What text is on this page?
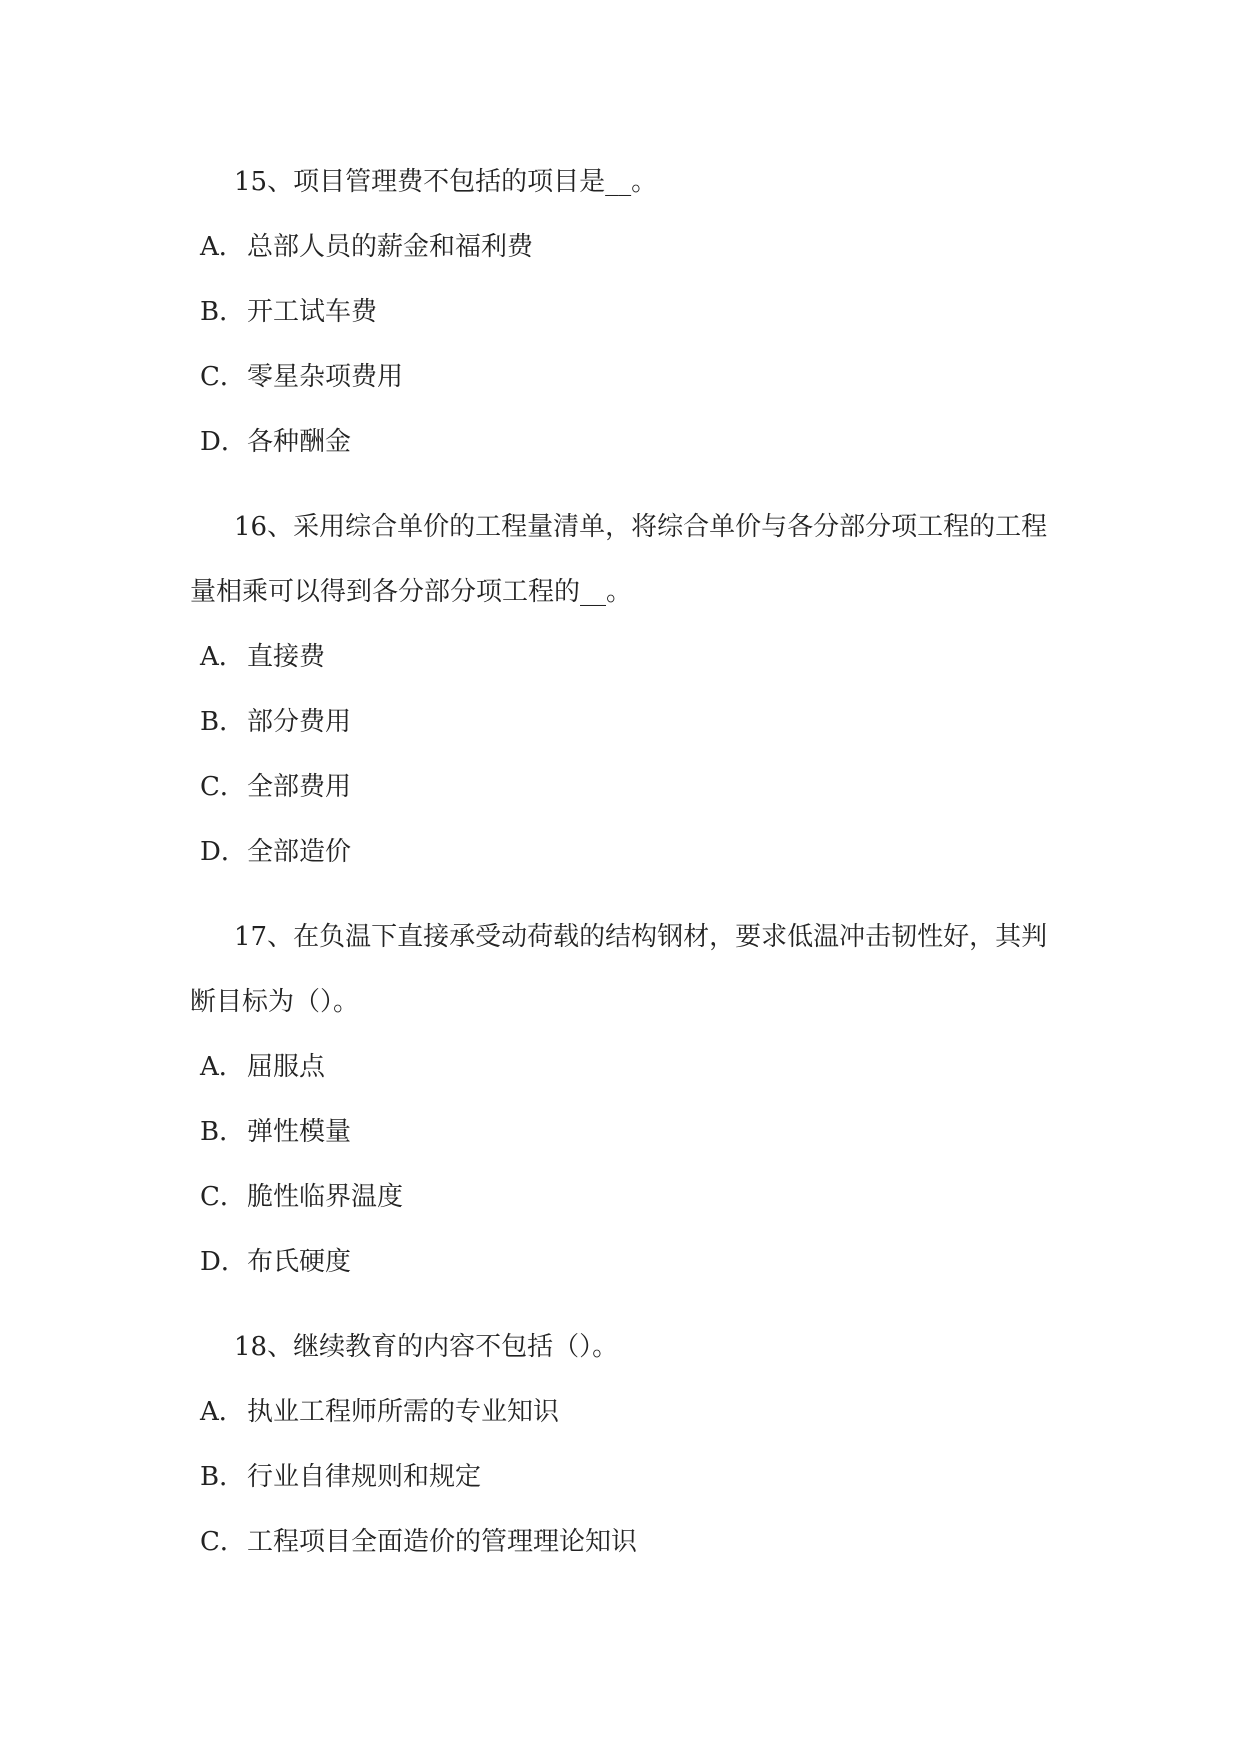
15、项目管理费不包括的项目是__。

A．总部人员的薪金和福利费

B．开工试车费

C．零星杂项费用

D．各种酬金

16、采用综合单价的工程量清单，将综合单价与各分部分项工程的工程量相乘可以得到各分部分项工程的__。

A．直接费

B．部分费用

C．全部费用

D．全部造价

17、在负温下直接承受动荷载的结构钢材，要求低温冲击韧性好，其判断目标为（）。

A．屈服点

B．弹性模量

C．脆性临界温度

D．布氏硬度

18、继续教育的内容不包括（）。

A．执业工程师所需的专业知识

B．行业自律规则和规定

C．工程项目全面造价的管理理论知识
